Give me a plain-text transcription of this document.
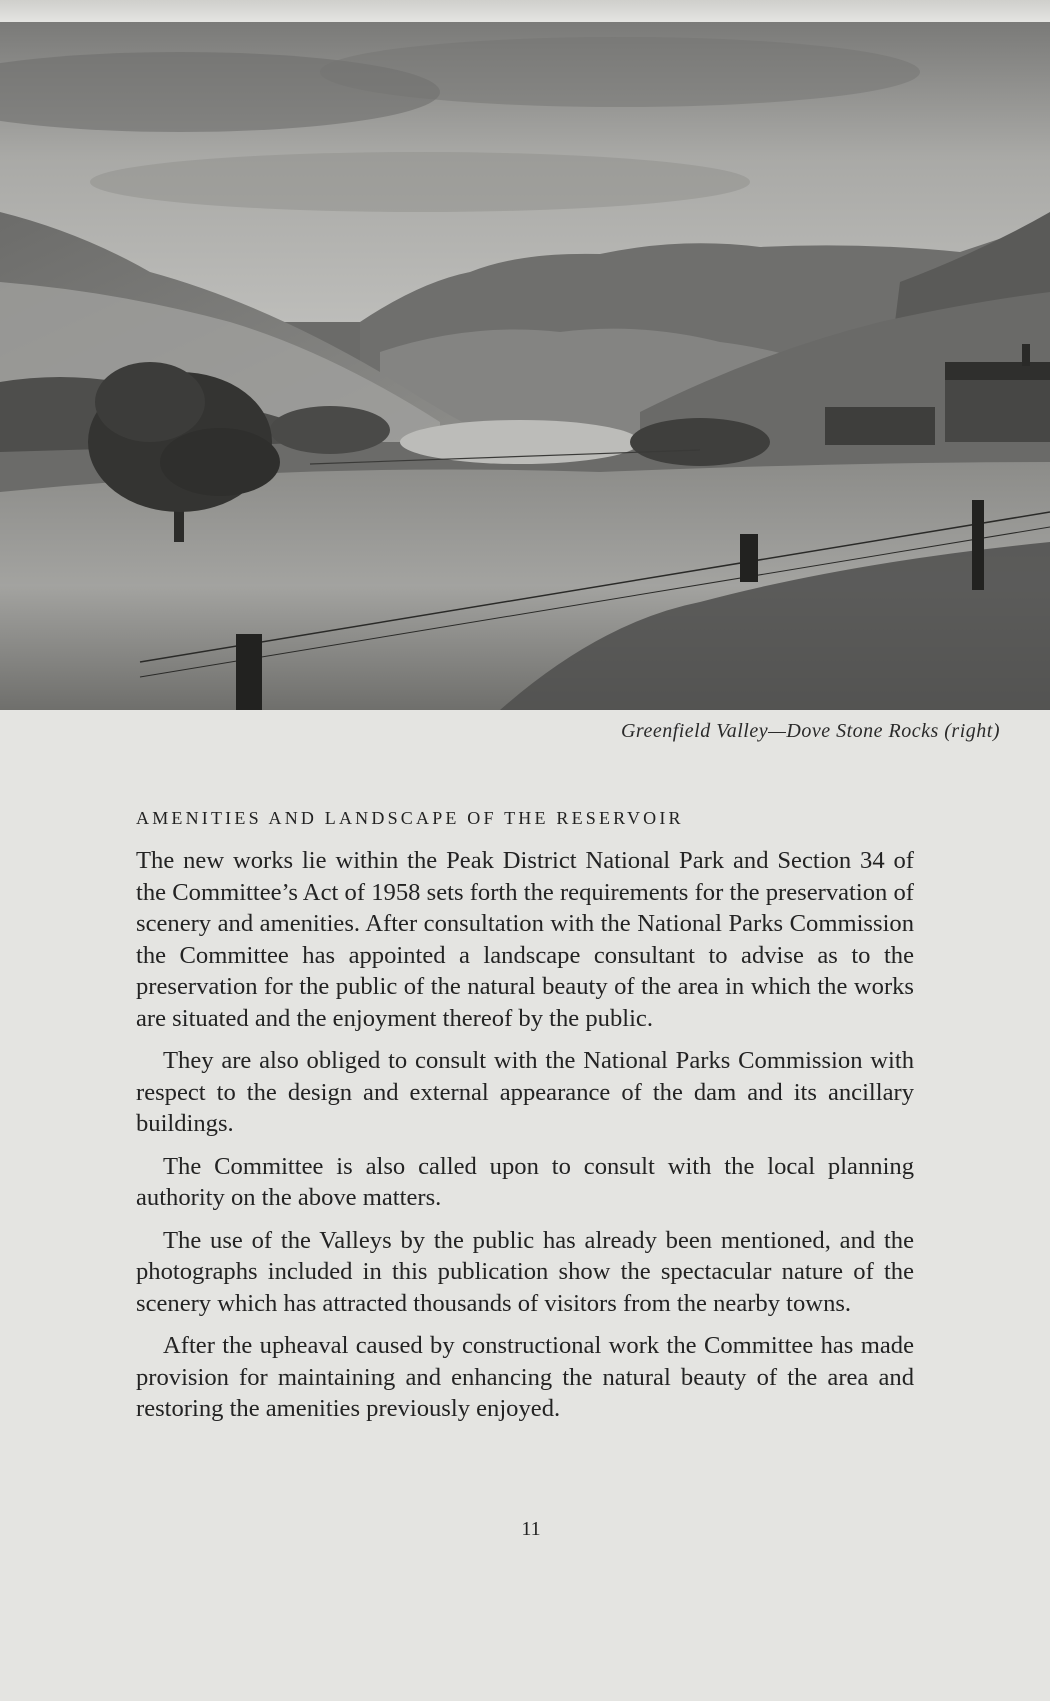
Greenfield Valley—Dove Stone Rocks (right)
AMENITIES AND LANDSCAPE OF THE RESERVOIR

The new works lie within the Peak District National Park and Section 34 of the Committee’s Act of 1958 sets forth the requirements for the preservation of scenery and amenities. After consultation with the National Parks Commission the Committee has appointed a landscape consultant to advise as to the preservation for the public of the natural beauty of the area in which the works are situated and the enjoyment thereof by the public.

They are also obliged to consult with the National Parks Commission with respect to the design and external appearance of the dam and its ancillary buildings.

The Committee is also called upon to consult with the local planning authority on the above matters.

The use of the Valleys by the public has already been mentioned, and the photographs included in this publication show the spectacular nature of the scenery which has attracted thousands of visitors from the nearby towns.

After the upheaval caused by constructional work the Committee has made provision for maintaining and enhancing the natural beauty of the area and restoring the amenities previously enjoyed.

11
